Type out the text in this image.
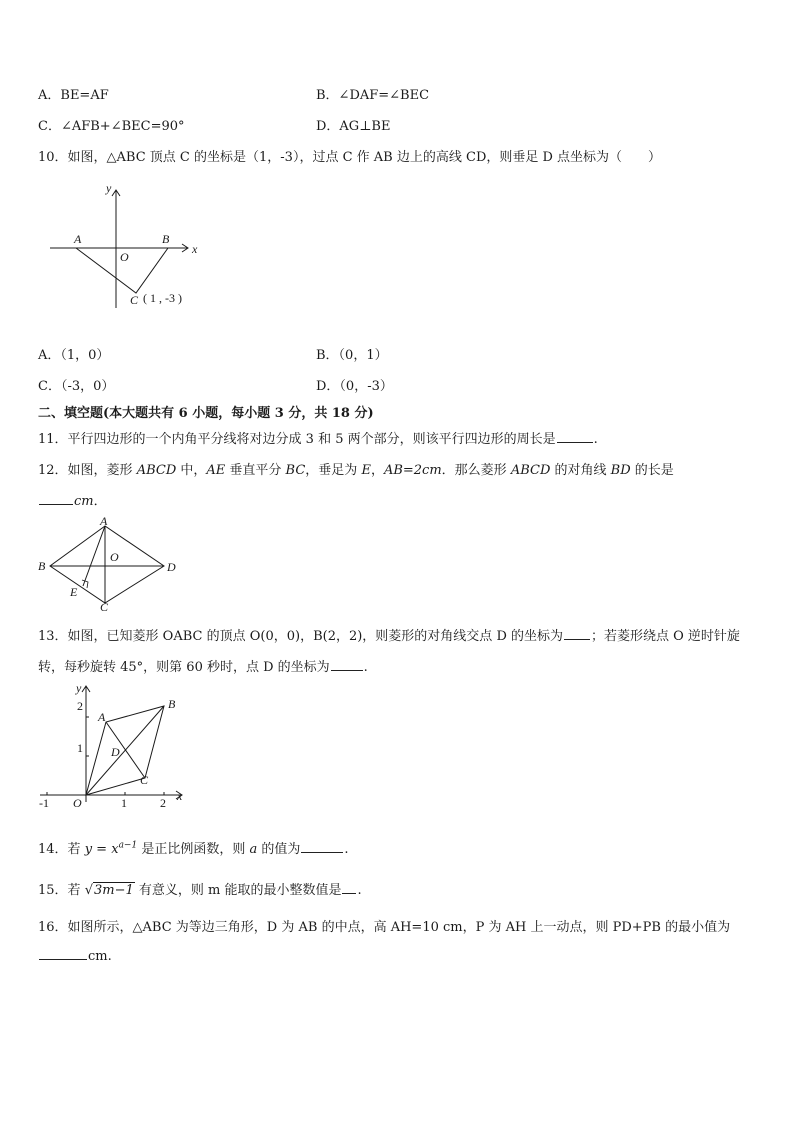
A．BE=AF	B．∠DAF=∠BEC
C．∠AFB+∠BEC=90°	D．AG⊥BE
10．如图，△ABC 顶点 C 的坐标是（1，-3），过点 C 作 AB 边上的高线 CD，则垂足 D 点坐标为（　　）
y
x
A	B
O
C ( 1 , -3 )
A．（1，0）	B．（0，1）
C．（-3，0）	D．（0，-3）
二、填空题(本大题共有 6 小题，每小题 3 分，共 18 分)
11．平行四边形的一个内角平分线将对边分成 3 和 5 两个部分，则该平行四边形的周长是	.
12．如图，菱形 ABCD 中，AE 垂直平分 BC，垂足为 E，AB=2cm．那么菱形 ABCD 的对角线 BD 的长是
cm．
A
B
C
D
E
O
13．如图，已知菱形 OABC 的顶点 O(0，0)，B(2，2)，则菱形的对角线交点 D 的坐标为 ；若菱形绕点 O 逆时针旋
转，每秒旋转 45°，则第 60 秒时，点 D 的坐标为	.
y
x
2
1
-1 O	1	2
A
B
C
D
14．若 $y = x^{a-1}$ 是正比例函数，则 a 的值为	.
15．若 √3m−1 有意义，则 m 能取的最小整数值是 .
16．如图所示，△ABC 为等边三角形，D 为 AB 的中点，高 AH=10 cm，P 为 AH 上一动点，则 PD+PB 的最小值为
cm.
